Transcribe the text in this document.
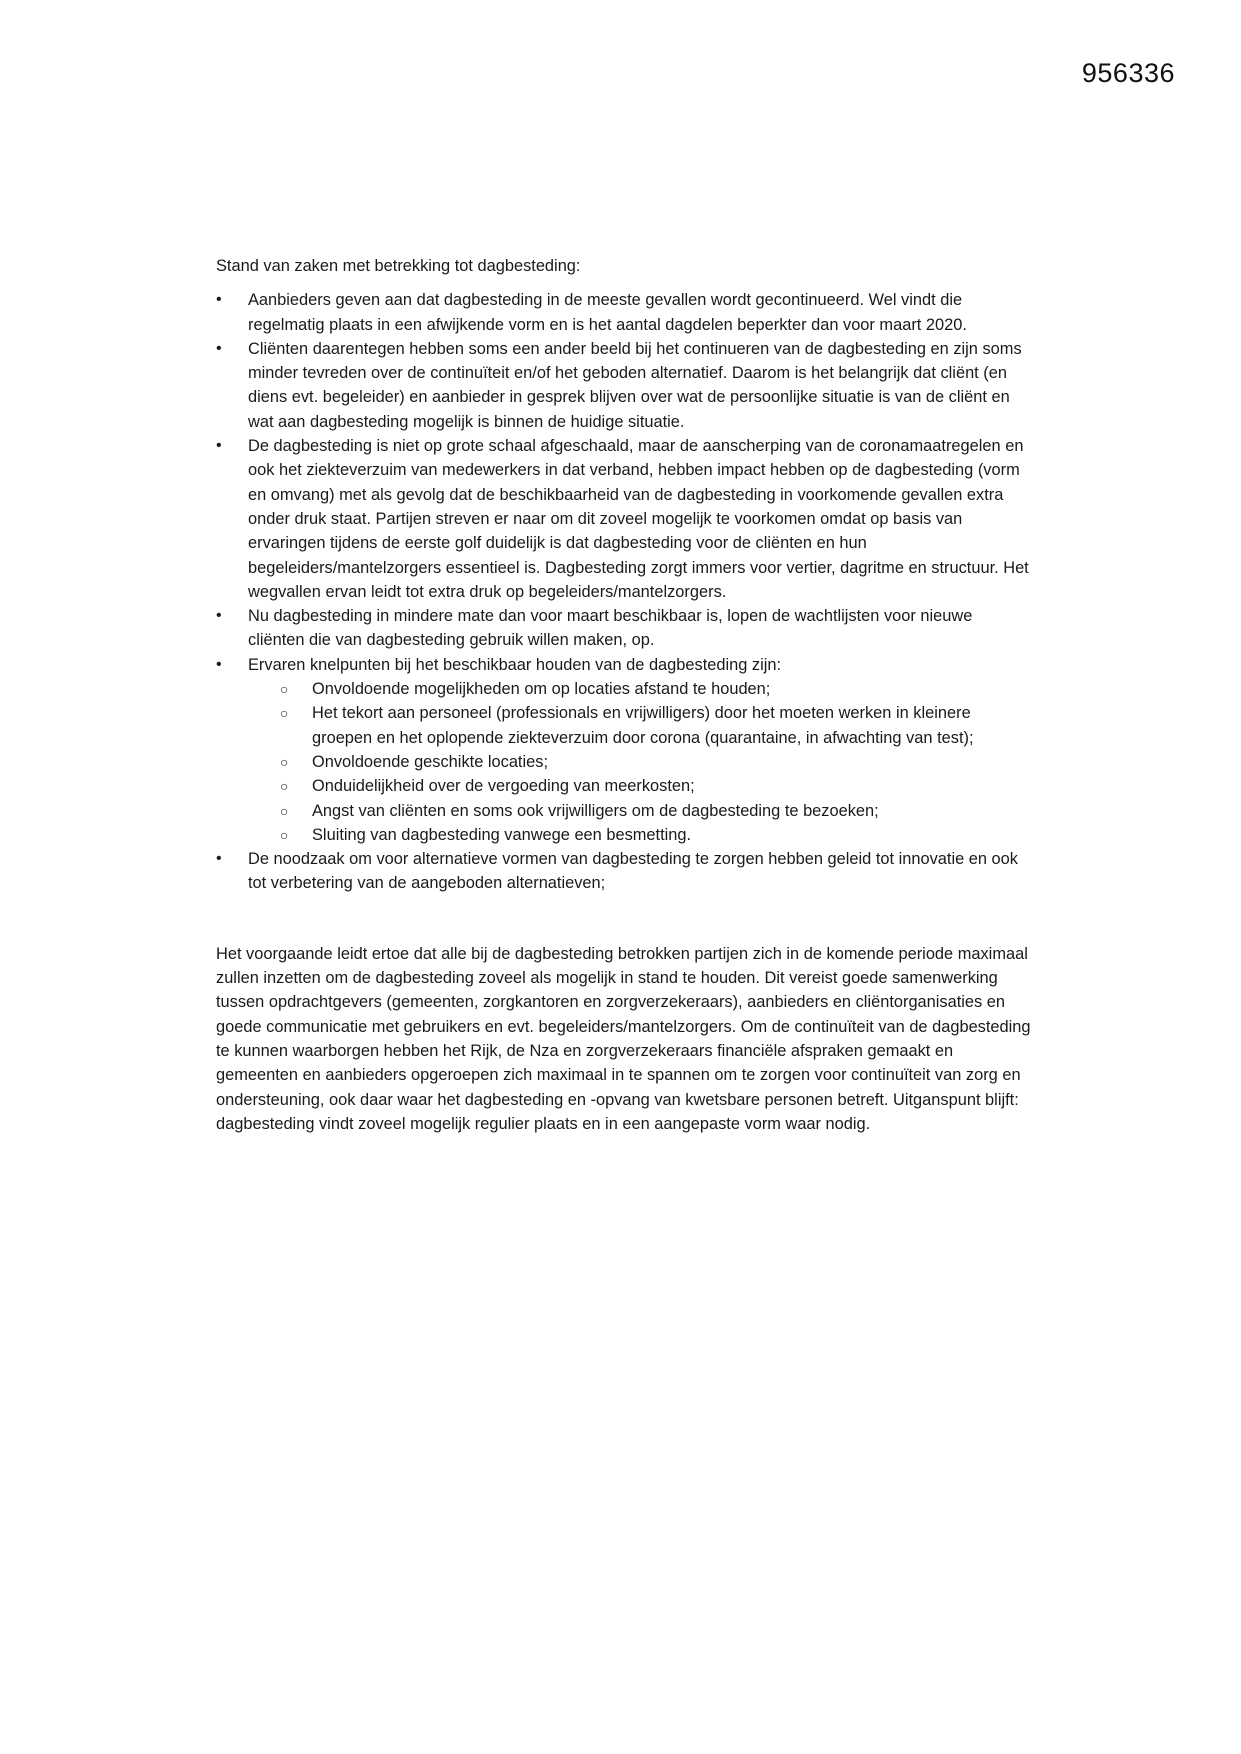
956336

Stand van zaken met betrekking tot dagbesteding:

•	Aanbieders geven aan dat dagbesteding in de meeste gevallen wordt gecontinueerd. Wel vindt die regelmatig plaats in een afwijkende vorm en is het aantal dagdelen beperkter dan voor maart 2020.
•	Cliënten daarentegen hebben soms een ander beeld bij het continueren van de dagbesteding en zijn soms minder tevreden over de continuïteit en/of het geboden alternatief. Daarom is het belangrijk dat cliënt (en diens evt. begeleider) en aanbieder in gesprek blijven over wat de persoonlijke situatie is van de cliënt en wat aan dagbesteding mogelijk is binnen de huidige situatie.
•	De dagbesteding is niet op grote schaal afgeschaald, maar de aanscherping van de coronamaatregelen en ook het ziekteverzuim van medewerkers in dat verband, hebben impact hebben op de dagbesteding (vorm en omvang) met als gevolg dat de beschikbaarheid van de dagbesteding in voorkomende gevallen extra onder druk staat. Partijen streven er naar om dit zoveel mogelijk te voorkomen omdat op basis van ervaringen tijdens de eerste golf duidelijk is dat dagbesteding voor de cliënten en hun begeleiders/mantelzorgers essentieel is. Dagbesteding zorgt immers voor vertier, dagritme en structuur. Het wegvallen ervan leidt tot extra druk op begeleiders/mantelzorgers.
•	Nu dagbesteding in mindere mate dan voor maart beschikbaar is, lopen de wachtlijsten voor nieuwe cliënten die van dagbesteding gebruik willen maken, op.
•	Ervaren knelpunten bij het beschikbaar houden van de dagbesteding zijn:
○ Onvoldoende mogelijkheden om op locaties afstand te houden;
○ Het tekort aan personeel (professionals en vrijwilligers) door het moeten werken in kleinere groepen en het oplopende ziekteverzuim door corona (quarantaine, in afwachting van test);
○ Onvoldoende geschikte locaties;
○ Onduidelijkheid over de vergoeding van meerkosten;
○ Angst van cliënten en soms ook vrijwilligers om de dagbesteding te bezoeken;
○ Sluiting van dagbesteding vanwege een besmetting.
•	De noodzaak om voor alternatieve vormen van dagbesteding te zorgen hebben geleid tot innovatie en ook tot verbetering van de aangeboden alternatieven;

Het voorgaande leidt ertoe dat alle bij de dagbesteding betrokken partijen zich in de komende periode maximaal zullen inzetten om de dagbesteding zoveel als mogelijk in stand te houden. Dit vereist goede samenwerking tussen opdrachtgevers (gemeenten, zorgkantoren en zorgverzekeraars), aanbieders en cliëntorganisaties en goede communicatie met gebruikers en evt. begeleiders/mantelzorgers. Om de continuïteit van de dagbesteding te kunnen waarborgen hebben het Rijk, de Nza en zorgverzekeraars financiële afspraken gemaakt en gemeenten en aanbieders opgeroepen zich maximaal in te spannen om te zorgen voor continuïteit van zorg en ondersteuning, ook daar waar het dagbesteding en -opvang van kwetsbare personen betreft. Uitganspunt blijft: dagbesteding vindt zoveel mogelijk regulier plaats en in een aangepaste vorm waar nodig.
